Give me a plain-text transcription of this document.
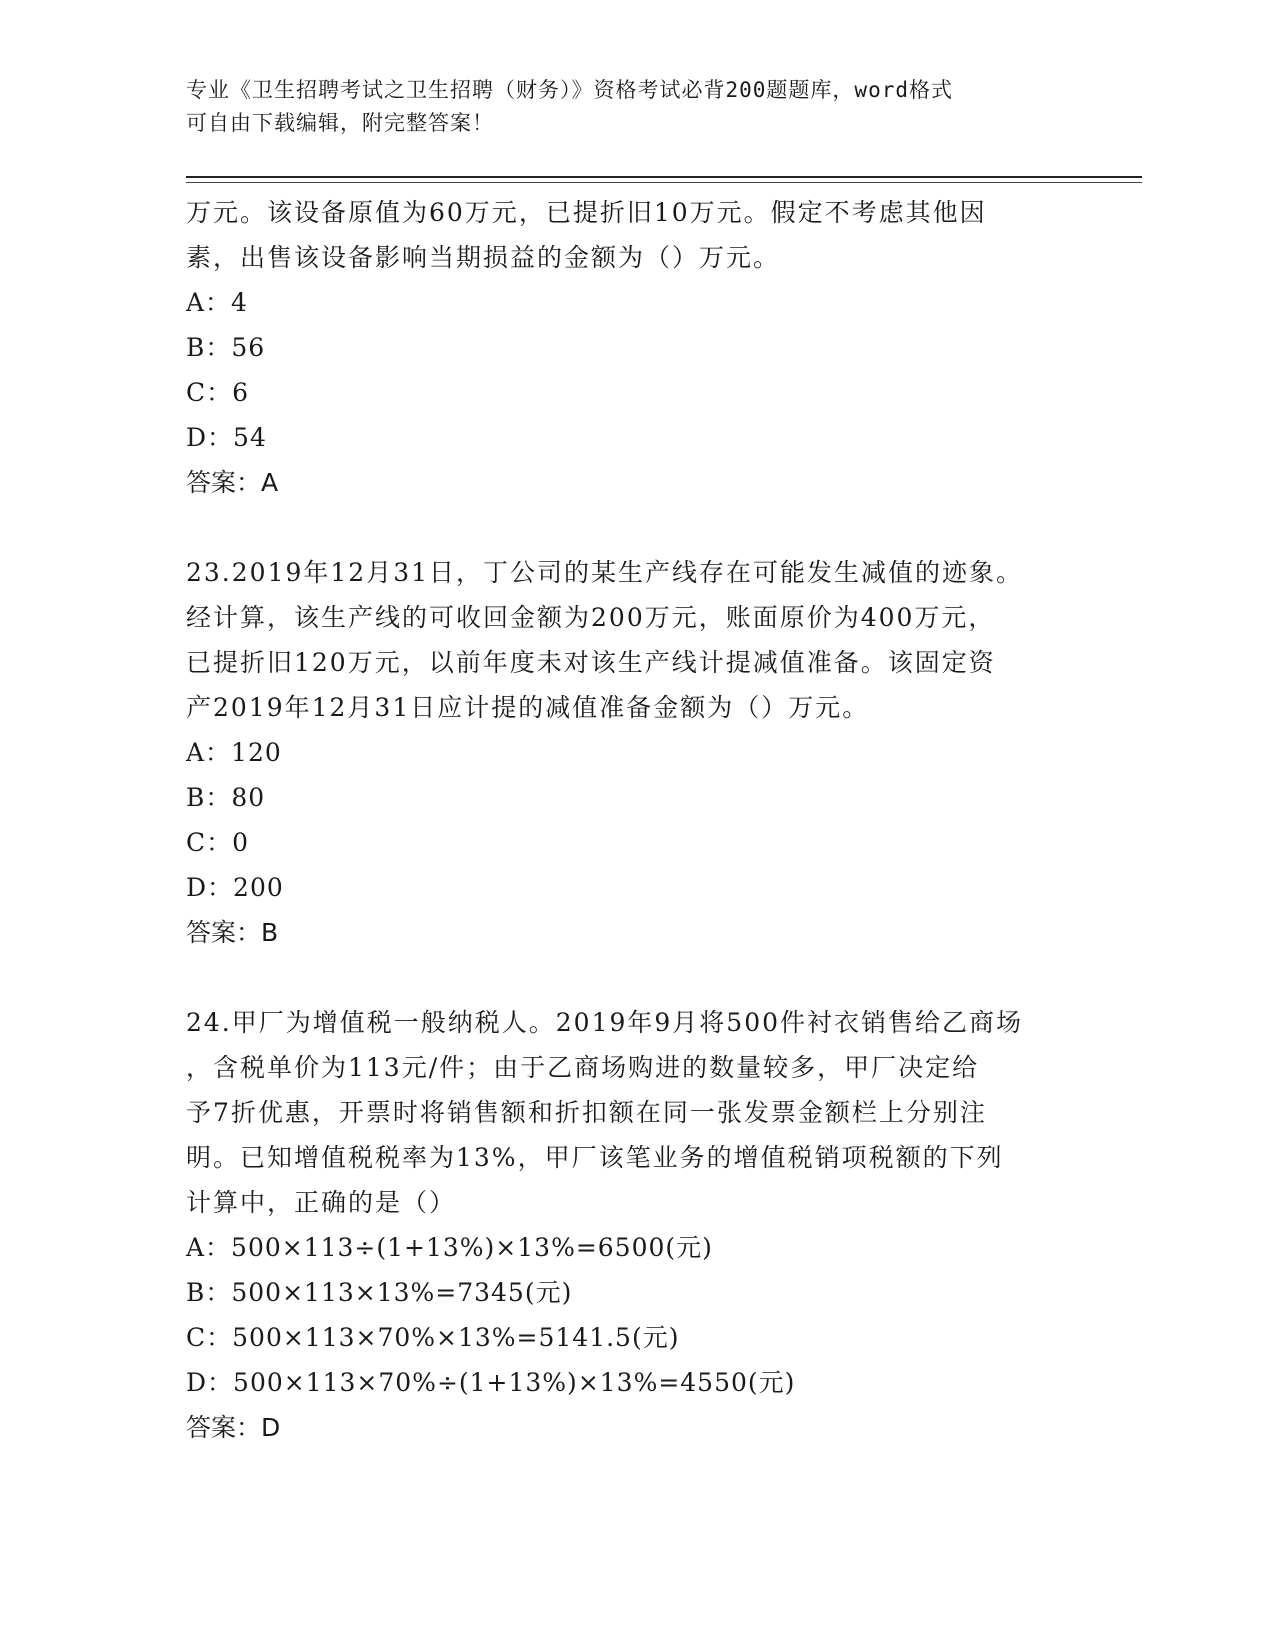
专业《卫生招聘考试之卫生招聘（财务）》资格考试必背200题题库，word格式
可自由下载编辑，附完整答案！

万元。该设备原值为60万元，已提折旧10万元。假定不考虑其他因

素，出售该设备影响当期损益的金额为（）万元。

A：4

B：56

C：6

D：54

答案：A

23.2019年12月31日，丁公司的某生产线存在可能发生减值的迹象。

经计算，该生产线的可收回金额为200万元，账面原价为400万元，

已提折旧120万元，以前年度未对该生产线计提减值准备。该固定资

产2019年12月31日应计提的减值准备金额为（）万元。

A：120

B：80

C：0

D：200

答案：B

24.甲厂为增值税一般纳税人。2019年9月将500件衬衣销售给乙商场

，含税单价为113元/件；由于乙商场购进的数量较多，甲厂决定给

予7折优惠，开票时将销售额和折扣额在同一张发票金额栏上分别注

明。已知增值税税率为13%，甲厂该笔业务的增值税销项税额的下列

计算中，正确的是（）

A：500×113÷(1+13%)×13%=6500(元)

B：500×113×13%=7345(元)

C：500×113×70%×13%=5141.5(元)

D：500×113×70%÷(1+13%)×13%=4550(元)

答案：D
